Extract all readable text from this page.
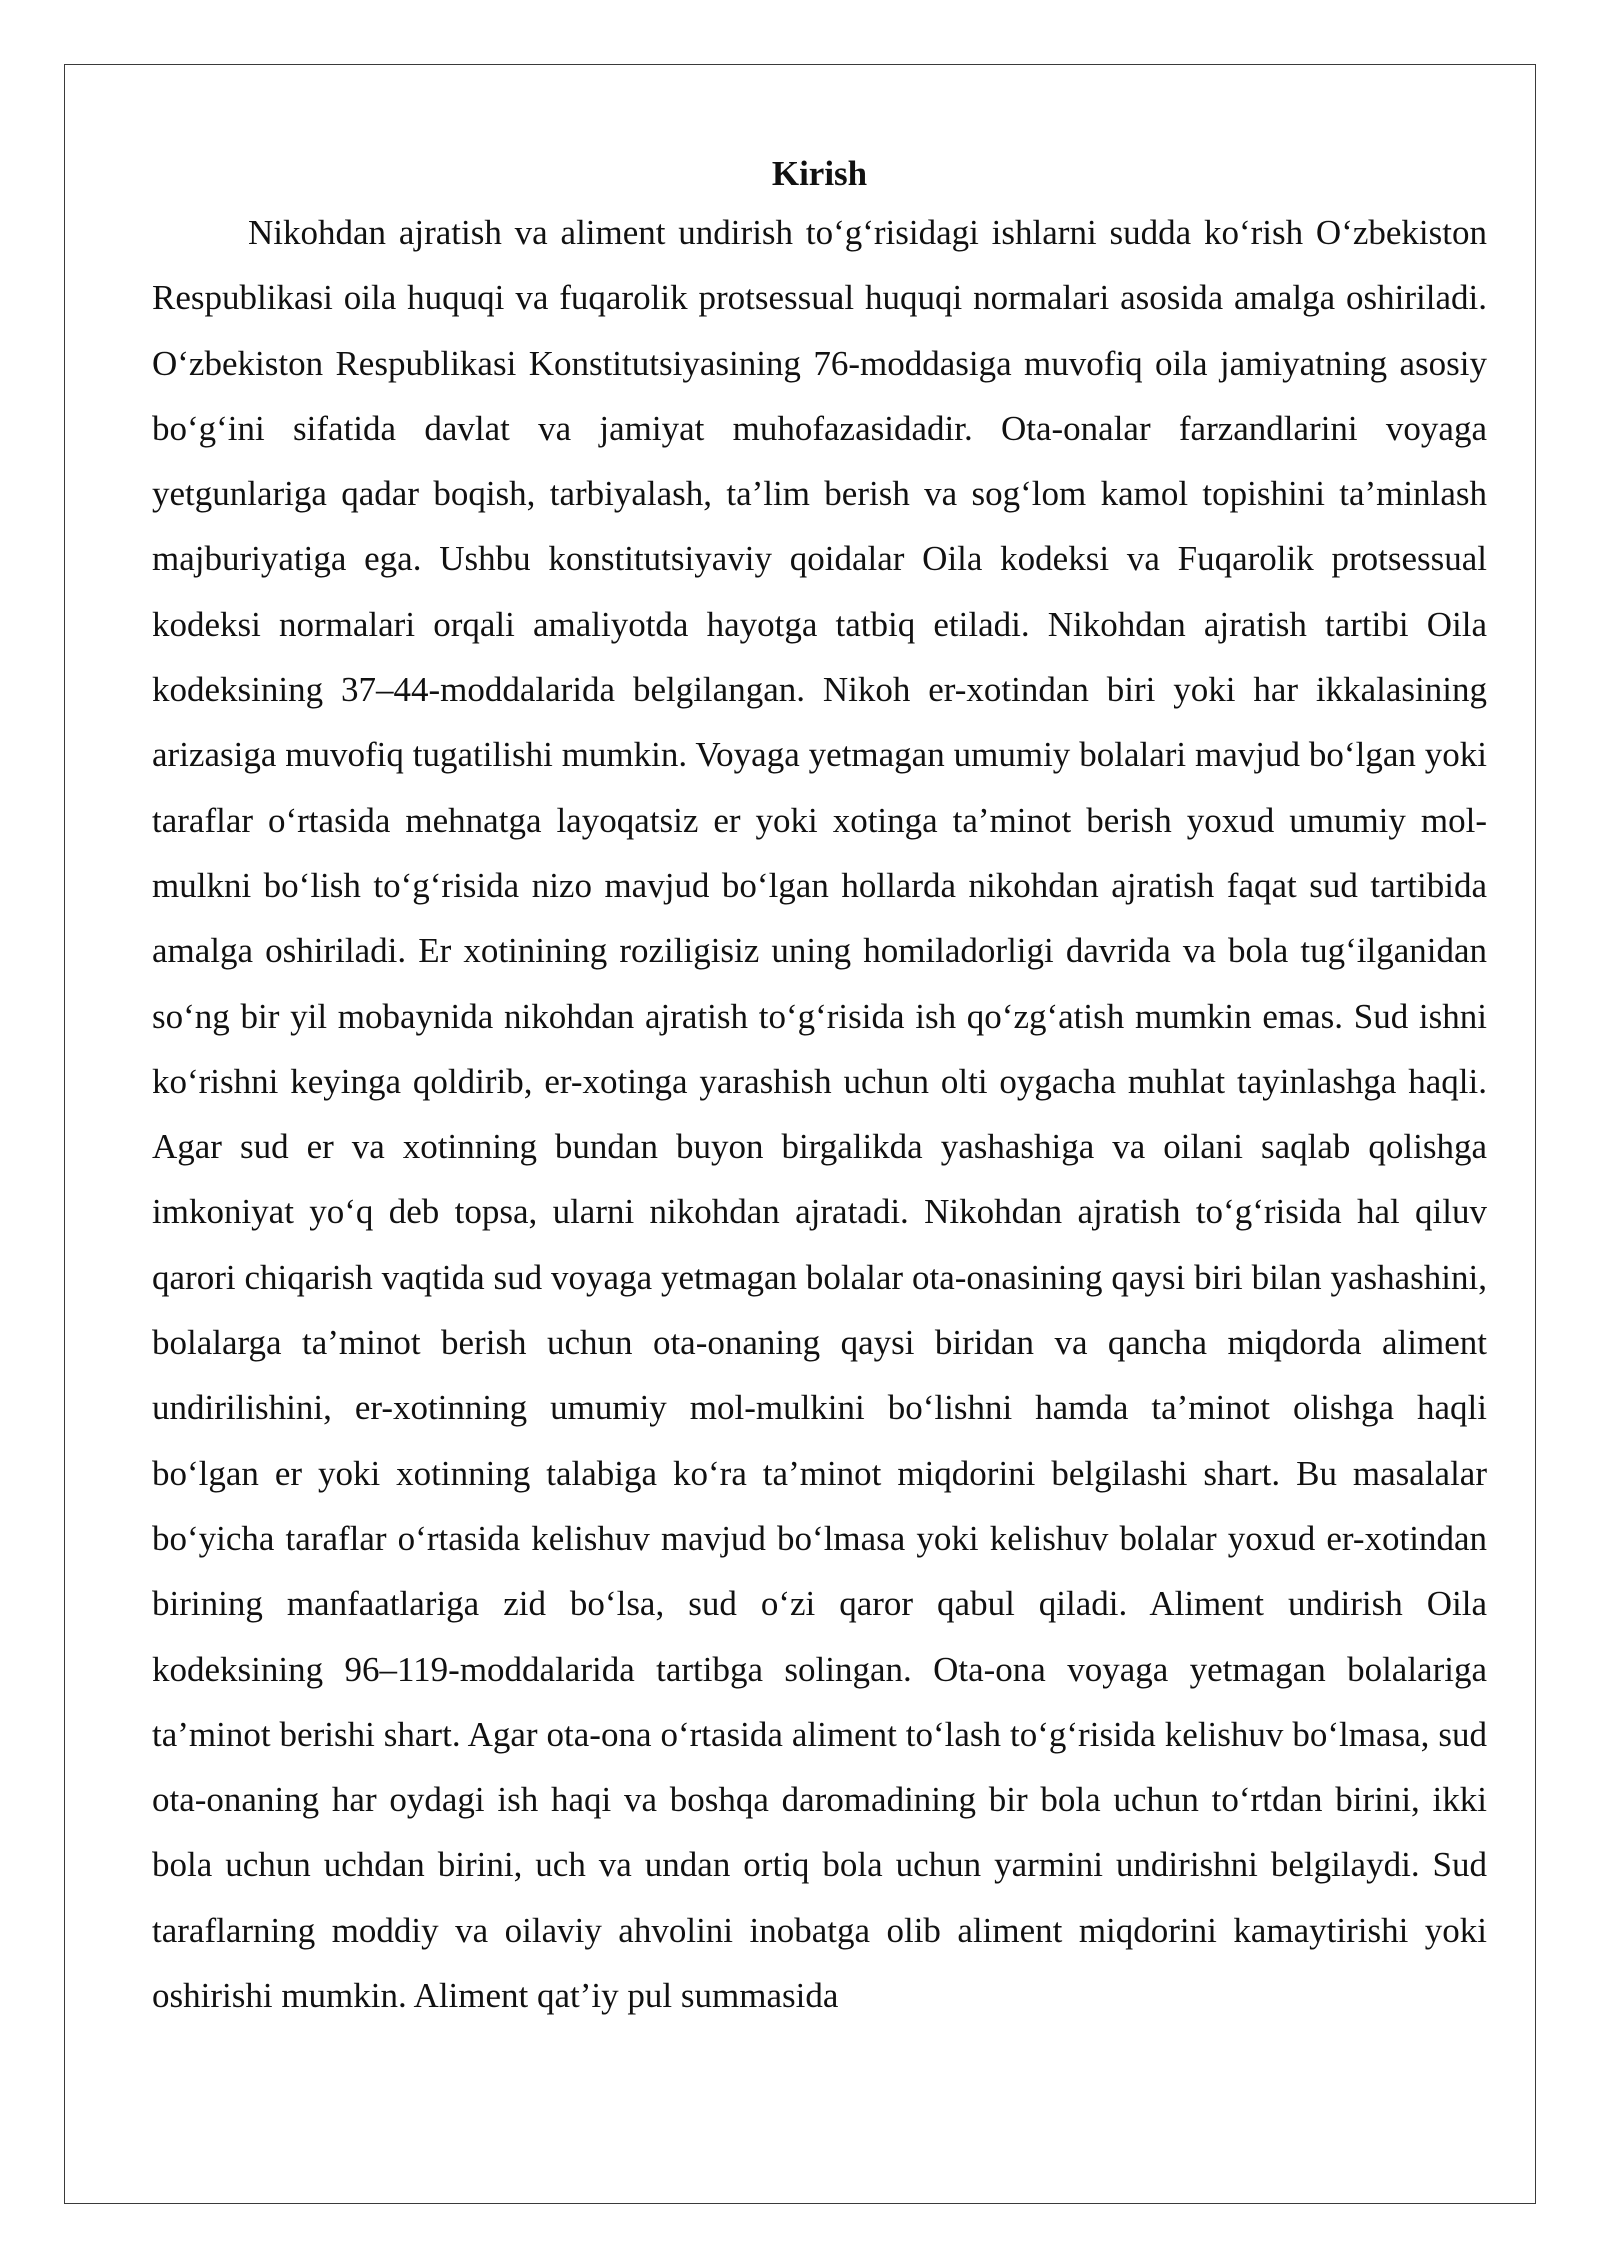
Kirish

Nikohdan ajratish va aliment undirish to‘g‘risidagi ishlarni sudda ko‘rish O‘zbekiston Respublikasi oila huquqi va fuqarolik protsessual huquqi normalari asosida amalga oshiriladi. O‘zbekiston Respublikasi Konstitutsiyasining 76-moddasiga muvofiq oila jamiyatning asosiy bo‘g‘ini sifatida davlat va jamiyat muhofazasidadir. Ota-onalar farzandlarini voyaga yetgunlariga qadar boqish, tarbiyalash, ta’lim berish va sog‘lom kamol topishini ta’minlash majburiyatiga ega. Ushbu konstitutsiyaviy qoidalar Oila kodeksi va Fuqarolik protsessual kodeksi normalari orqali amaliyotda hayotga tatbiq etiladi. Nikohdan ajratish tartibi Oila kodeksining 37–44-moddalarida belgilangan. Nikoh er-xotindan biri yoki har ikkalasining arizasiga muvofiq tugatilishi mumkin. Voyaga yetmagan umumiy bolalari mavjud bo‘lgan yoki taraflar o‘rtasida mehnatga layoqatsiz er yoki xotinga ta’minot berish yoxud umumiy mol-mulkni bo‘lish to‘g‘risida nizo mavjud bo‘lgan hollarda nikohdan ajratish faqat sud tartibida amalga oshiriladi. Er xotinining roziligisiz uning homiladorligi davrida va bola tug‘ilganidan so‘ng bir yil mobaynida nikohdan ajratish to‘g‘risida ish qo‘zg‘atish mumkin emas. Sud ishni ko‘rishni keyinga qoldirib, er-xotinga yarashish uchun olti oygacha muhlat tayinlashga haqli. Agar sud er va xotinning bundan buyon birgalikda yashashiga va oilani saqlab qolishga imkoniyat yo‘q deb topsa, ularni nikohdan ajratadi. Nikohdan ajratish to‘g‘risida hal qiluv qarori chiqarish vaqtida sud voyaga yetmagan bolalar ota-onasining qaysi biri bilan yashashini, bolalarga ta’minot berish uchun ota-onaning qaysi biridan va qancha miqdorda aliment undirilishini, er-xotinning umumiy mol-mulkini bo‘lishni hamda ta’minot olishga haqli bo‘lgan er yoki xotinning talabiga ko‘ra ta’minot miqdorini belgilashi shart. Bu masalalar bo‘yicha taraflar o‘rtasida kelishuv mavjud bo‘lmasa yoki kelishuv bolalar yoxud er-xotindan birining manfaatlariga zid bo‘lsa, sud o‘zi qaror qabul qiladi. Aliment undirish Oila kodeksining 96–119-moddalarida tartibga solingan. Ota-ona voyaga yetmagan bolalariga ta’minot berishi shart. Agar ota-ona o‘rtasida aliment to‘lash to‘g‘risida kelishuv bo‘lmasa, sud ota-onaning har oydagi ish haqi va boshqa daromadining bir bola uchun to‘rtdan birini, ikki bola uchun uchdan birini, uch va undan ortiq bola uchun yarmini undirishni belgilaydi. Sud taraflarning moddiy va oilaviy ahvolini inobatga olib aliment miqdorini kamaytirishi yoki oshirishi mumkin. Aliment qat’iy pul summasida
